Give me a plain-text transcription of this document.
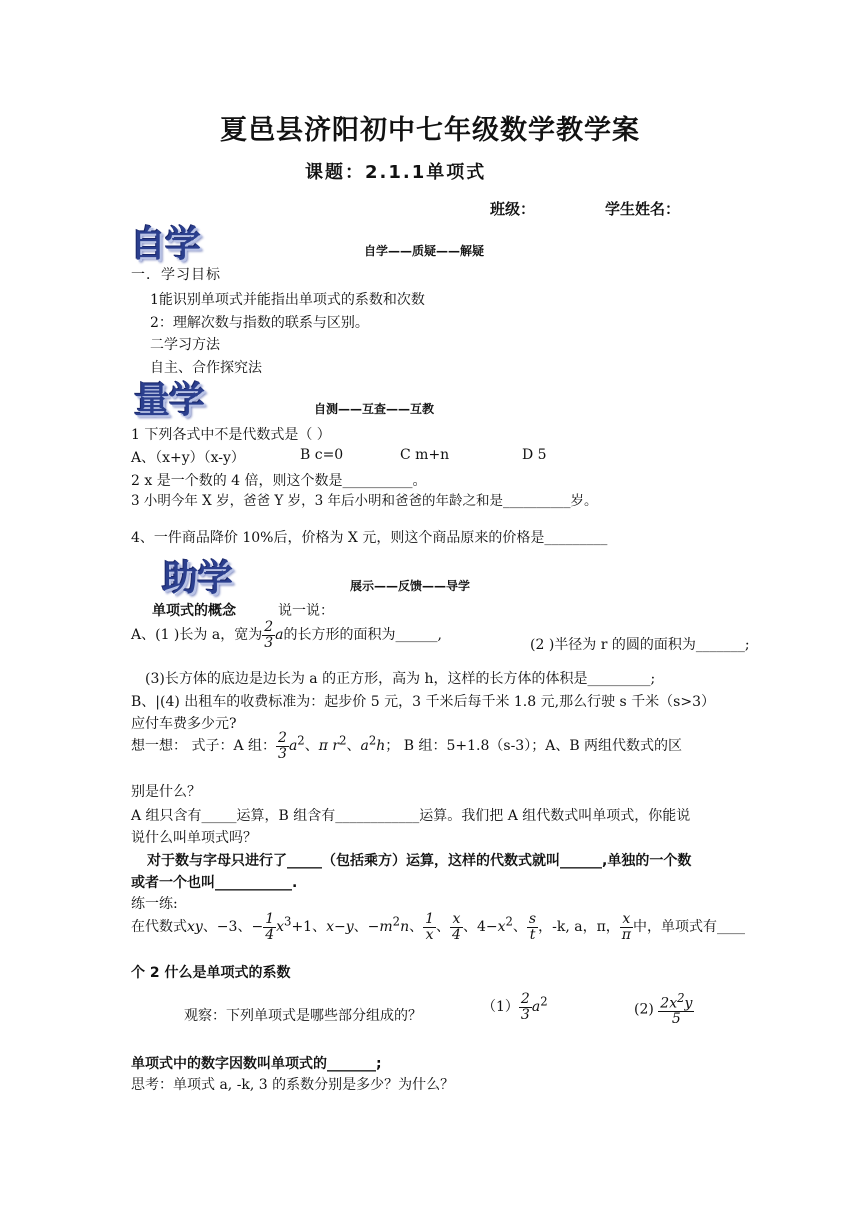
夏邑县济阳初中七年级数学教学案
课题：2.1.1单项式
班级：	学生姓名：
自学	自学——质疑——解疑
一．学习目标
1能识别单项式并能指出单项式的系数和次数
2：理解次数与指数的联系与区别。
二学习方法
自主、合作探究法
量学	自测——互查——互教
1 下列各式中不是代数式是（ ）
A、（x+y）（x-y）	B c=0	C m+n	D 5
2 x 是一个数的 4 倍，则这个数是__________。
3 小明今年 X 岁，爸爸 Y 岁，3 年后小明和爸爸的年龄之和是__________岁。
4、一件商品降价 10%后，价格为 X 元，则这个商品原来的价格是_________
助学	展示——反馈——导学
单项式的概念	说一说：
A、(1 )长为 a，宽为 $\frac{2}{3}$ a的长方形的面积为______,
(2 )半径为 r 的圆的面积为_______;
(3)长方体的底边是边长为 a 的正方形，高为 h，这样的长方体的体积是_________;
B、|(4) 出租车的收费标准为：起步价 5 元，3 千米后每千米 1.8 元,那么行驶 s 千米（s>3）
应付车费多少元?
想一想： 式子：A 组： $\frac{2}{3} a^2$、π $r^2$、$a^2h$； B 组：5+1.8（s-3）；A、B 两组代数式的区
别是什么？
A 组只含有_____运算，B 组含有____________运算。我们把 A 组代数式叫单项式，你能说
说什么叫单项式吗？
对于数与字母只进行了_____（包括乘方）运算，这样的代数式就叫______,单独的一个数
或者一个也叫___________.
练一练:
在代数式xy、−3、− $\frac{1}{4} x^3+1$、x−y、$-m^2n$、 $\frac{1}{x}$ 、 $\frac{x}{4}$ 、$4-x^2$、 $\frac{s}{t}$ ，-k, a，π， $\frac{x}{\pi}$ 中，单项式有____
个 2 什么是单项式的系数
观察：下列单项式是哪些部分组成的？
$(1) \frac{2}{3} a^2$	$(2) \frac{2x^2y}{5}$
单项式中的数字因数叫单项式的_______;
思考：单项式 a, -k, 3 的系数分别是多少？为什么？
